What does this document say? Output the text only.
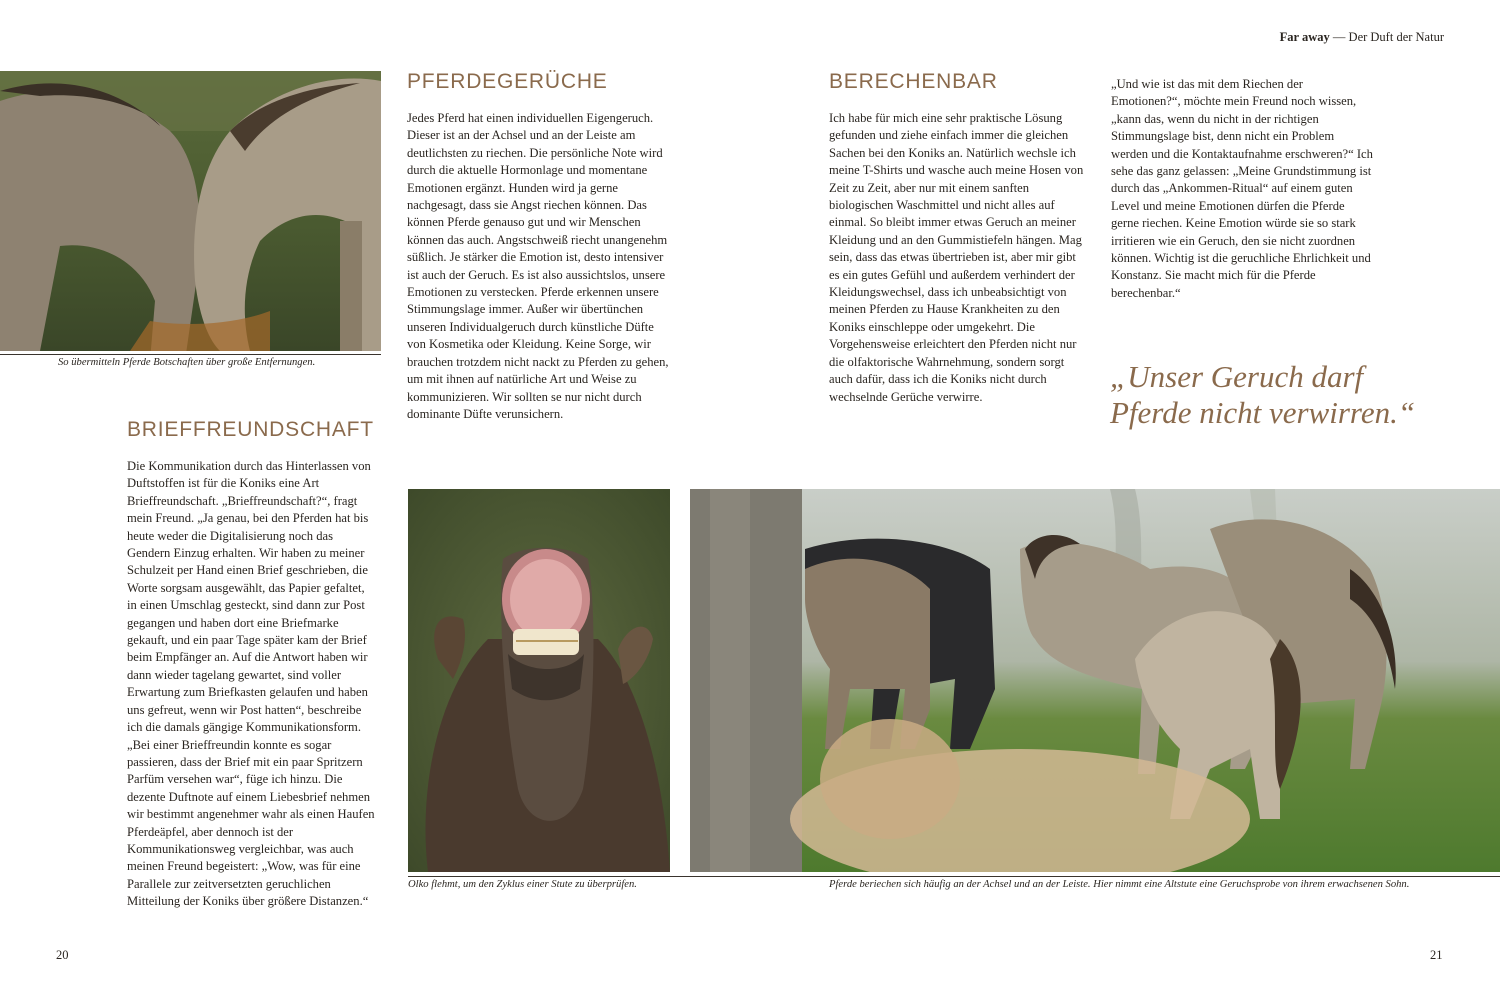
Far away — Der Duft der Natur
So übermitteln Pferde Botschaften über große Entfernungen.
PFERDEGERÜCHE
Jedes Pferd hat einen individuellen Eigengeruch. Dieser ist an der Achsel und an der Leiste am deutlichsten zu riechen. Die persönliche Note wird durch die aktuelle Hormonlage und momentane Emotionen ergänzt. Hunden wird ja gerne nachgesagt, dass sie Angst riechen können. Das können Pferde genauso gut und wir Menschen können das auch. Angstschweiß riecht unangenehm süßlich. Je stärker die Emotion ist, desto intensiver ist auch der Geruch. Es ist also aussichtslos, unsere Emotionen zu verstecken. Pferde erkennen unsere Stimmungslage immer. Außer wir übertünchen unseren Individualgeruch durch künstliche Düfte von Kosmetika oder Kleidung. Keine Sorge, wir brauchen trotzdem nicht nackt zu Pferden zu gehen, um mit ihnen auf natürliche Art und Weise zu kommunizieren. Wir sollten se nur nicht durch dominante Düfte verunsichern.
BERECHENBAR
Ich habe für mich eine sehr praktische Lösung gefunden und ziehe einfach immer die gleichen Sachen bei den Koniks an. Natürlich wechsle ich meine T-Shirts und wasche auch meine Hosen von Zeit zu Zeit, aber nur mit einem sanften biologischen Waschmittel und nicht alles auf einmal. So bleibt immer etwas Geruch an meiner Kleidung und an den Gummistiefeln hängen. Mag sein, dass das etwas übertrieben ist, aber mir gibt es ein gutes Gefühl und außerdem verhindert der Kleidungswechsel, dass ich unbeabsichtigt von meinen Pferden zu Hause Krankheiten zu den Koniks einschleppe oder umgekehrt. Die Vorgehensweise erleichtert den Pferden nicht nur die olfaktorische Wahrnehmung, sondern sorgt auch dafür, dass ich die Koniks nicht durch wechselnde Gerüche verwirre.
„Und wie ist das mit dem Riechen der Emotionen?“, möchte mein Freund noch wissen, „kann das, wenn du nicht in der richtigen Stimmungslage bist, denn nicht ein Problem werden und die Kontaktaufnahme erschweren?“ Ich sehe das ganz gelassen: „Meine Grundstimmung ist durch das „Ankommen-Ritual“ auf einem guten Level und meine Emotionen dürfen die Pferde gerne riechen. Keine Emotion würde sie so stark irritieren wie ein Geruch, den sie nicht zuordnen können. Wichtig ist die geruchliche Ehrlichkeit und Konstanz. Sie macht mich für die Pferde berechenbar.“
„Unser Geruch darf
Pferde nicht verwirren.“
BRIEFFREUNDSCHAFT
Die Kommunikation durch das Hinterlassen von Duftstoffen ist für die Koniks eine Art Brieffreundschaft. „Brieffreundschaft?“, fragt mein Freund. „Ja genau, bei den Pferden hat bis heute weder die Digitalisierung noch das Gendern Einzug erhalten. Wir haben zu meiner Schulzeit per Hand einen Brief geschrieben, die Worte sorgsam ausgewählt, das Papier gefaltet, in einen Umschlag gesteckt, sind dann zur Post gegangen und haben dort eine Briefmarke gekauft, und ein paar Tage später kam der Brief beim Empfänger an. Auf die Antwort haben wir dann wieder tagelang gewartet, sind voller Erwartung zum Briefkasten gelaufen und haben uns gefreut, wenn wir Post hatten“, beschreibe ich die damals gängige Kommunikationsform. „Bei einer Brieffreundin konnte es sogar passieren, dass der Brief mit ein paar Spritzern Parfüm versehen war“, füge ich hinzu. Die dezente Duftnote auf einem Liebesbrief nehmen wir bestimmt angenehmer wahr als einen Haufen Pferdeäpfel, aber dennoch ist der Kommunikationsweg vergleichbar, was auch meinen Freund begeistert: „Wow, was für eine Parallele zur zeitversetzten geruchlichen Mitteilung der Koniks über größere Distanzen.“
Olko flehmt, um den Zyklus einer Stute zu überprüfen.	Pferde beriechen sich häufig an der Achsel und an der Leiste. Hier nimmt eine Altstute eine Geruchsprobe von ihrem erwachsenen Sohn.
20	21
